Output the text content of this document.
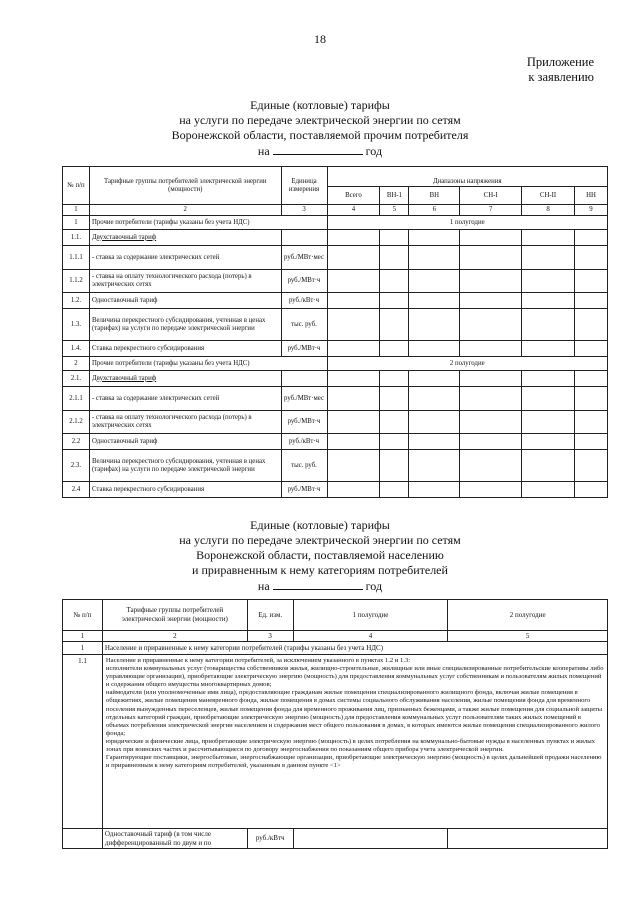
18
Приложение
к заявлению
Единые (котловые) тарифы
на услуги по передаче электрической энергии по сетям
Воронежской области, поставляемой прочим потребителя
на	год
№ п/п	Тарифные группы потребителей электрической энергии (мощности)	Единица измерения	Диапазоны напряжения					
			Всего	ВН-1	ВН	СН-I	СН-II	НН
1	2	3	4	5	6	7	8	9
1	Прочие потребители (тарифы указаны без учета НДС)		1 полугодие					
1.1.	Двухставочный тариф							
1.1.1	- ставка за содержание электрических сетей	руб./МВт·мес						
1.1.2	- ставка на оплату технологического расхода (потерь) в электрических сетях	руб./МВт·ч						
1.2.	Одноставочный тариф	руб./кВт·ч						
1.3.	Величина перекрестного субсидирования, учтенная в ценах (тарифах) на услуги по передаче электрической энергии	тыс. руб.						
1.4.	Ставка перекрестного субсидирования	руб./МВт·ч						
2	Прочие потребители (тарифы указаны без учета НДС)		2 полугодие					
2.1.	Двухставочный тариф							
2.1.1	- ставка за содержание электрических сетей	руб./МВт·мес						
2.1.2	- ставка на оплату технологического расхода (потерь) в электрических сетях	руб./МВт·ч						
2.2	Одноставочный тариф	руб./кВт·ч						
2.3.	Величина перекрестного субсидирования, учтенная в ценах (тарифах) на услуги по передаче электрической энергии	тыс. руб.						
2.4	Ставка перекрестного субсидирования	руб./МВт·ч						
Единые (котловые) тарифы
на услуги по передаче электрической энергии по сетям
Воронежской области, поставляемой населению
и приравненным к нему категориям потребителей
на	год
№ п/п	Тарифные группы потребителей электрической энергии (мощности)	Ед. изм.	1 полугодие	2 полугодие
1	2	3	4	5
1	Население и приравненные к нему категории потребителей (тарифы указаны без учета НДС)			
1.1	Население и приравненные к нему категории потребителей, за исключением указанного в пунктах 1.2 и 1.3:
исполнители коммунальных услуг (товарищества собственников жилья, жилищно-строительные, жилищные или иные специализированные потребительские кооперативы либо управляющие организации), приобретающие электрическую энергию (мощность) для предоставления коммунальных услуг собственникам и пользователям жилых помещений и содержания общего имущества многоквартирных домов;
наймодатели (или уполномоченные ими лица), предоставляющие гражданам жилые помещения специализированного жилищного фонда, включая жилые помещения в общежитиях, жилые помещения маневренного фонда, жилые помещения в домах системы социального обслуживания населения, жилые помещения фонда для временного поселения вынужденных переселенцев, жилые помещения фонда для временного проживания лиц, признанных беженцами, а также жилые помещения для социальной защиты отдельных категорий граждан, приобретающие электрическую энергию (мощность) для предоставления коммунальных услуг пользователям таких жилых помещений в объемах потребления электрической энергии населением и содержания мест общего пользования в домах, в которых имеются жилые помещения специализированного жилого фонда;
юридические и физические лица, приобретающие электрическую энергию (мощность) в целях потребления на коммунально-бытовые нужды в населенных пунктах и жилых зонах при воинских частях и рассчитывающиеся по договору энергоснабжения по показаниям общего прибора учета электрической энергии.
Гарантирующие поставщики, энергосбытовые, энергоснабжающие организации, приобретающие электрическую энергию (мощность) в целях дальнейшей продажи населению и приравненным к нему категориям потребителей, указанным в данном пункте <1>			

	Одноставочный тариф (в том числе дифференцированный по двум и по	руб./кВтч		
